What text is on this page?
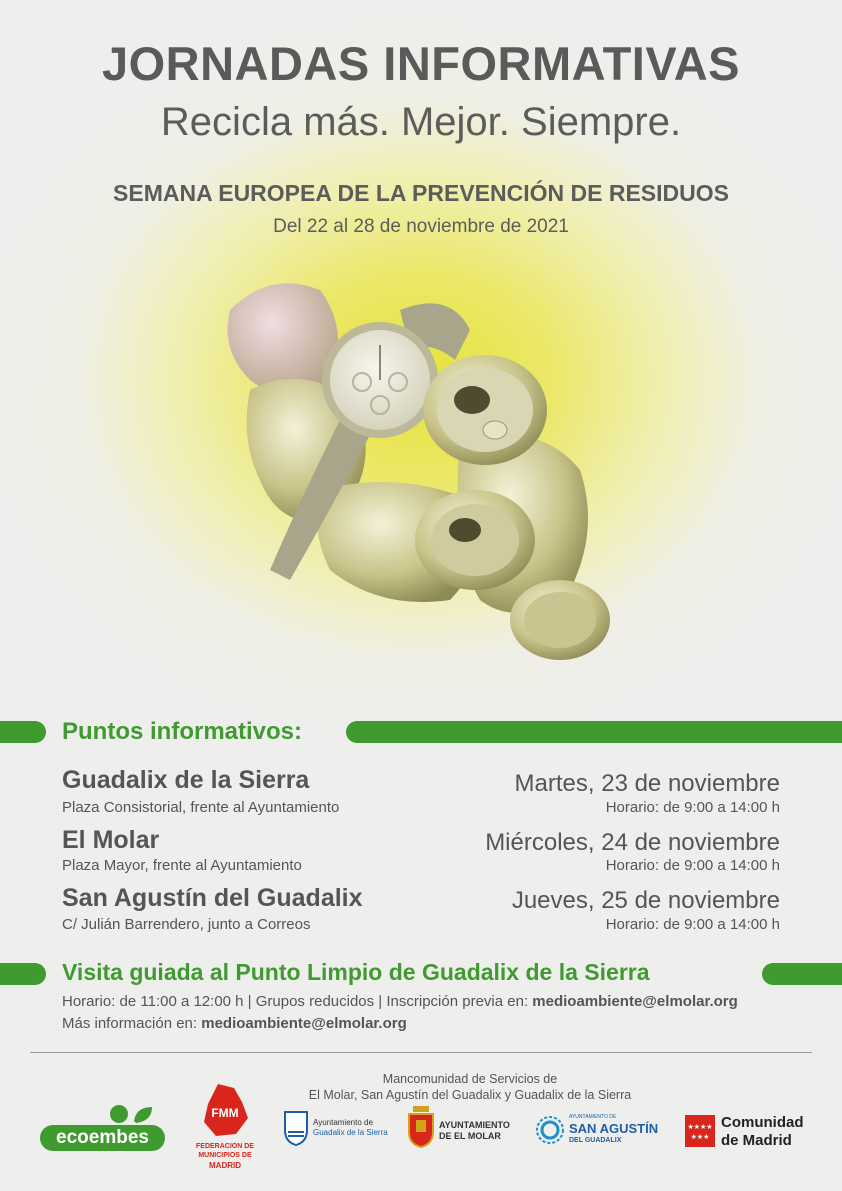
JORNADAS INFORMATIVAS
Recicla más. Mejor. Siempre.
SEMANA EUROPEA DE LA PREVENCIÓN DE RESIDUOS
Del 22 al 28 de noviembre de 2021
Puntos informativos:
Guadalix de la Sierra
Plaza Consistorial, frente al Ayuntamiento
Martes, 23 de noviembre
Horario: de 9:00 a 14:00 h
El Molar
Plaza Mayor, frente al Ayuntamiento
Miércoles, 24 de noviembre
Horario: de 9:00 a 14:00 h
San Agustín del Guadalix
C/ Julián Barrendero, junto a Correos
Jueves, 25 de noviembre
Horario: de 9:00 a 14:00 h
Visita guiada al Punto Limpio de Guadalix de la Sierra
Horario: de 11:00 a 12:00 h | Grupos reducidos | Inscripción previa en: medioambiente@elmolar.org
Más información en: medioambiente@elmolar.org
Mancomunidad de Servicios de
El Molar, San Agustín del Guadalix y Guadalix de la Sierra
ecoembes
FMM
FEDERACION DE
MUNICIPIOS DE
MADRID
Ayuntamiento de
Guadalix de la Sierra
AYUNTAMIENTO
DE EL MOLAR
AYUNTAMIENTO DE
SAN AGUSTÍN
DEL GUADALIX
★★★★
★★★
Comunidad
de Madrid
